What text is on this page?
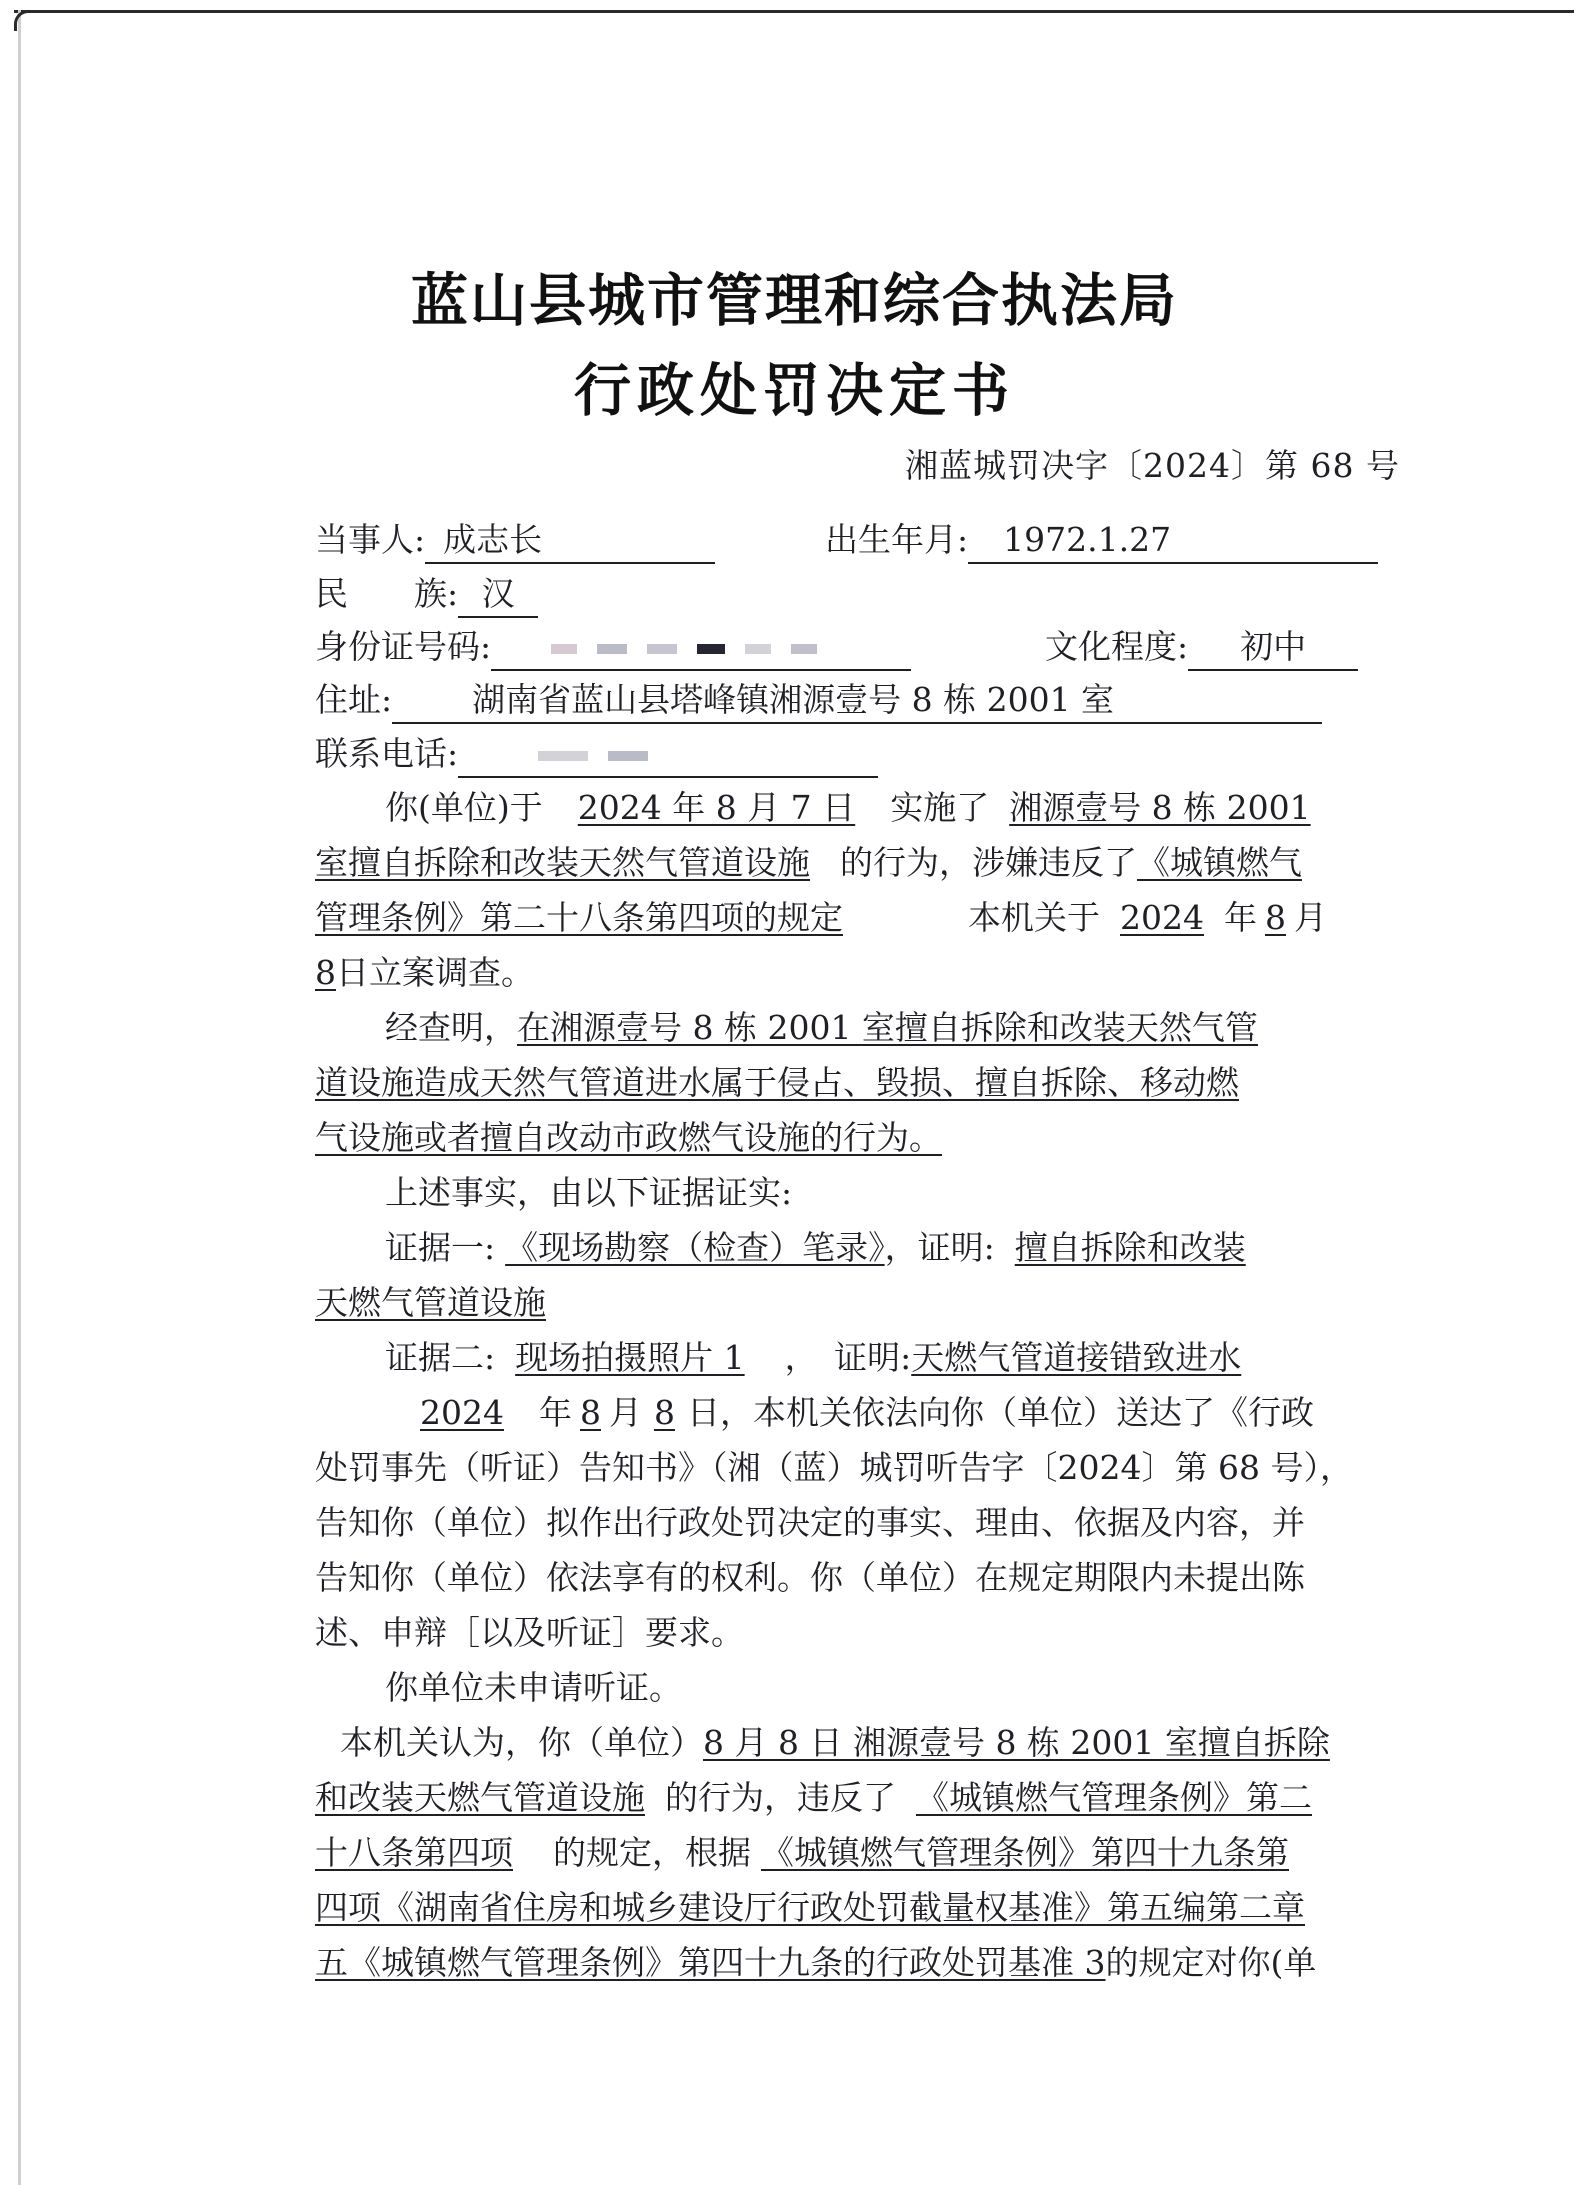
蓝山县城市管理和综合执法局
行政处罚决定书
湘蓝城罚决字〔2024〕第 68 号
当事人: 成志长	出生年月: 1972.1.27
民　　族: 汉
身份证号码:	文化程度: 初中
住址: 湖南省蓝山县塔峰镇湘源壹号 8 栋 2001 室
联系电话:
你(单位)于 2024 年 8 月 7 日 实施了 湘源壹号 8 栋 2001
室擅自拆除和改装天然气管道设施 的行为，涉嫌违反了《城镇燃气
管理条例》第二十八条第四项的规定	本机关于 2024 年 8 月
8日立案调查。
经查明，在湘源壹号 8 栋 2001 室擅自拆除和改装天然气管
道设施造成天然气管道进水属于侵占、毁损、擅自拆除、移动燃
气设施或者擅自改动市政燃气设施的行为。
上述事实，由以下证据证实:
证据一: 《现场勘察（检查）笔录》，证明: 擅自拆除和改装
天燃气管道设施
证据二: 现场拍摄照片 1 ，　证明:天燃气管道接错致进水
2024 年 8 月 8 日，本机关依法向你（单位）送达了《行政
处罚事先（听证）告知书》（湘（蓝）城罚听告字〔2024〕第 68 号），
告知你（单位）拟作出行政处罚决定的事实、理由、依据及内容，并
告知你（单位）依法享有的权利。你（单位）在规定期限内未提出陈
述、申辩［以及听证］要求。
你单位未申请听证。
本机关认为，你（单位）8 月 8 日 湘源壹号 8 栋 2001 室擅自拆除
和改装天燃气管道设施 的行为，违反了 《城镇燃气管理条例》第二
十八条第四项 的规定，根据 《城镇燃气管理条例》第四十九条第
四项《湖南省住房和城乡建设厅行政处罚截量权基准》第五编第二章
五《城镇燃气管理条例》第四十九条的行政处罚基准 3的规定对你(单
